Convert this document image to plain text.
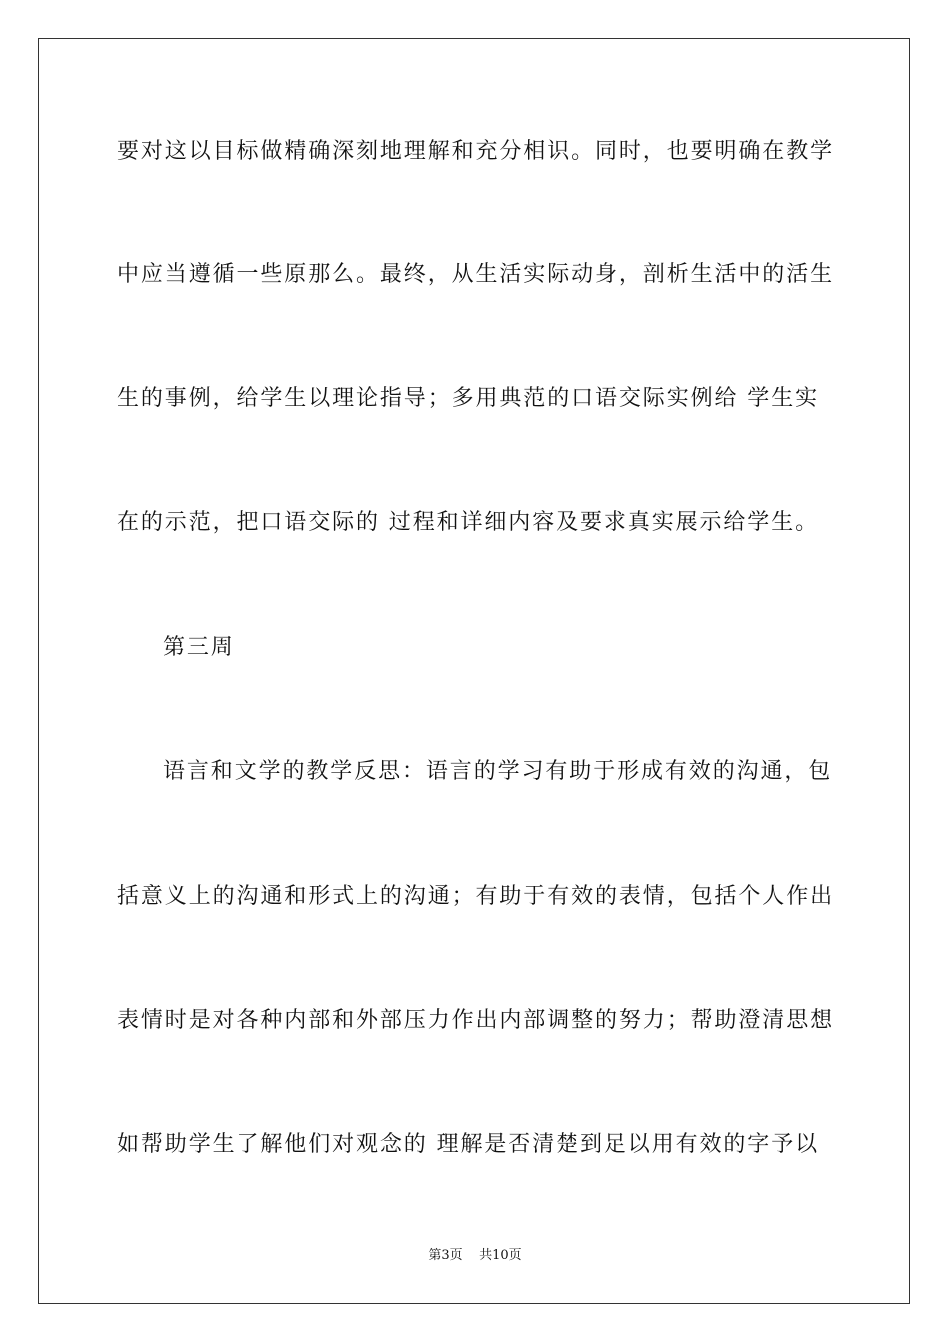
要对这以目标做精确深刻地理解和充分相识。同时，也要明确在教学
中应当遵循一些原那么。最终，从生活实际动身，剖析生活中的活生
生的事例，给学生以理论指导；多用典范的口语交际实例给 学生实
在的示范，把口语交际的 过程和详细内容及要求真实展示给学生。
第三周
语言和文学的教学反思：语言的学习有助于形成有效的沟通，包
括意义上的沟通和形式上的沟通；有助于有效的表情，包括个人作出
表情时是对各种内部和外部压力作出内部调整的努力；帮助澄清思想
如帮助学生了解他们对观念的 理解是否清楚到足以用有效的字予以
第3页 共10页
